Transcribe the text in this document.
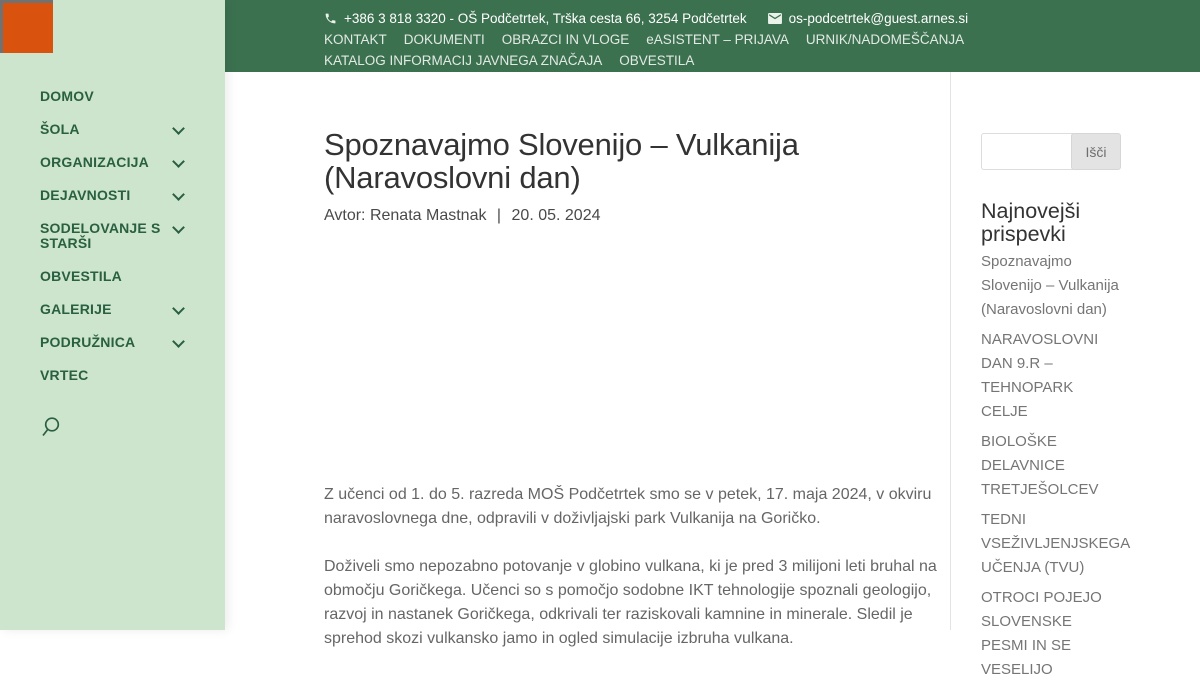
+386 3 818 3320 - OŠ Podčetrtek, Trška cesta 66, 3254 Podčetrtek	os-podcetrtek@guest.arnes.si
KONTAKT DOKUMENTI OBRAZCI IN VLOGE eASISTENT – PRIJAVA URNIK/NADOMEŠČANJA
KATALOG INFORMACIJ JAVNEGA ZNAČAJA OBVESTILA
DOMOV
ŠOLA
ORGANIZACIJA
DEJAVNOSTI
SODELOVANJE S STARŠI
OBVESTILA
GALERIJE
PODRUŽNICA
VRTEC
Spoznavajmo Slovenijo – Vulkanija (Naravoslovni dan)

Avtor: Renata Mastnak | 20. 05. 2024

Z učenci od 1. do 5. razreda MOŠ Podčetrtek smo se v petek, 17. maja 2024, v okviru naravoslovnega dne, odpravili v doživljajski park Vulkanija na Goričko.

Doživeli smo nepozabno potovanje v globino vulkana, ki je pred 3 milijoni leti bruhal na območju Goričkega. Učenci so s pomočjo sodobne IKT tehnologije spoznali geologijo, razvoj in nastanek Goričkega, odkrivali ter raziskovali kamnine in minerale. Sledil je sprehod skozi vulkansko jamo in ogled simulacije izbruha vulkana.

Išči
Najnovejši prispevki
Spoznavajmo Slovenijo – Vulkanija (Naravoslovni dan)
NARAVOSLOVNI DAN 9.R – TEHNOPARK CELJE
BIOLOŠKE DELAVNICE TRETJEŠOLCEV
TEDNI VSEŽIVLJENJSKEGA UČENJA (TVU)
OTROCI POJEJO SLOVENSKE PESMI IN SE VESELIJO
